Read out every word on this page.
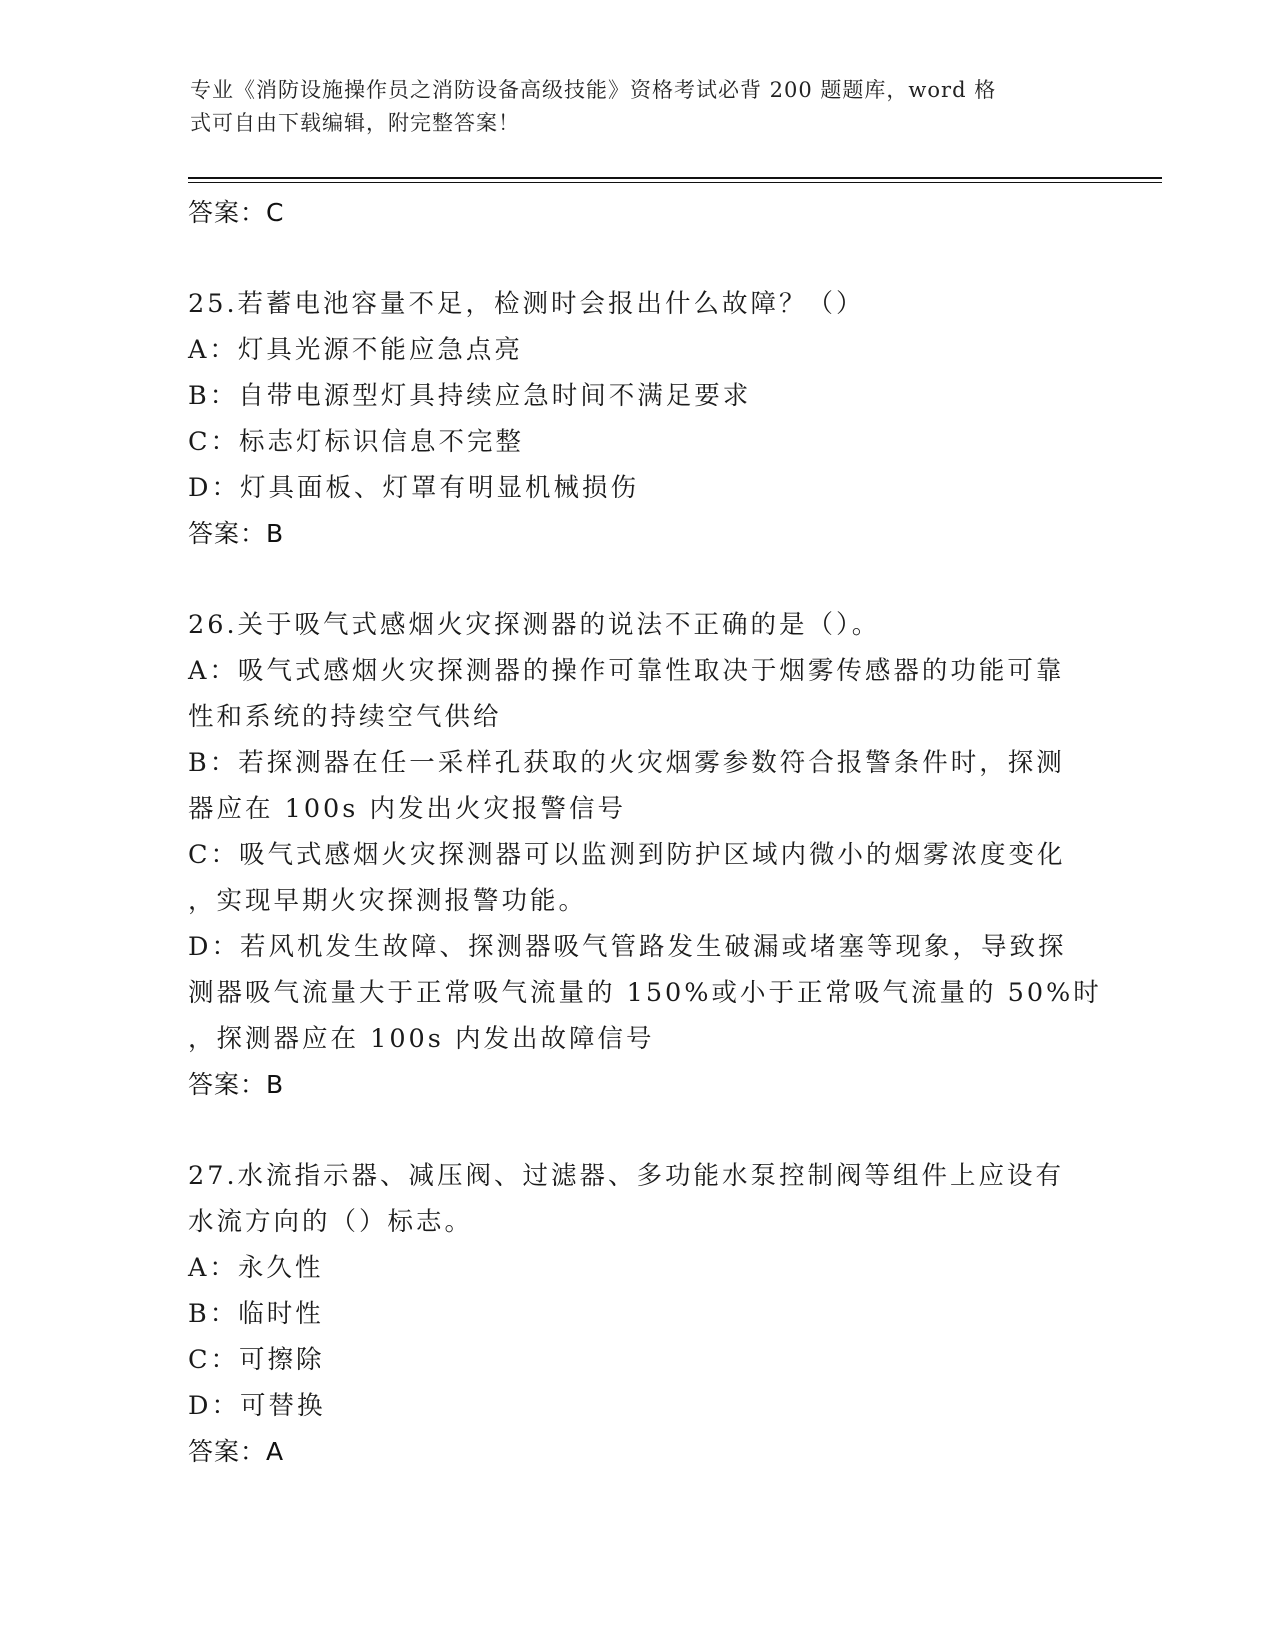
专业《消防设施操作员之消防设备高级技能》资格考试必背 200 题题库，word 格
式可自由下载编辑，附完整答案！
答案：C
25.若蓄电池容量不足，检测时会报出什么故障？（）
A：灯具光源不能应急点亮
B：自带电源型灯具持续应急时间不满足要求
C：标志灯标识信息不完整
D：灯具面板、灯罩有明显机械损伤
答案：B
26.关于吸气式感烟火灾探测器的说法不正确的是（）。
A：吸气式感烟火灾探测器的操作可靠性取决于烟雾传感器的功能可靠
性和系统的持续空气供给
B：若探测器在任一采样孔获取的火灾烟雾参数符合报警条件时，探测
器应在 100s 内发出火灾报警信号
C：吸气式感烟火灾探测器可以监测到防护区域内微小的烟雾浓度变化
，实现早期火灾探测报警功能。
D：若风机发生故障、探测器吸气管路发生破漏或堵塞等现象，导致探
测器吸气流量大于正常吸气流量的 150%或小于正常吸气流量的 50%时
，探测器应在 100s 内发出故障信号
答案：B
27.水流指示器、减压阀、过滤器、多功能水泵控制阀等组件上应设有
水流方向的（）标志。
A：永久性
B：临时性
C：可擦除
D：可替换
答案：A
